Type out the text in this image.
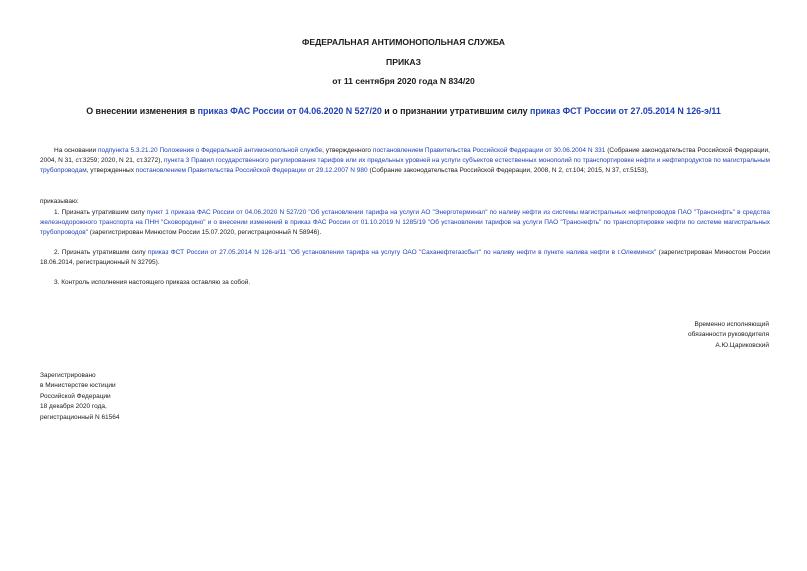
ФЕДЕРАЛЬНАЯ АНТИМОНОПОЛЬНАЯ СЛУЖБА
ПРИКАЗ
от 11 сентября 2020 года N 834/20
О внесении изменения в приказ ФАС России от 04.06.2020 N 527/20 и о признании утратившим силу приказ ФСТ России от 27.05.2014 N 126-э/11
На основании подпункта 5.3.21.20 Положения о Федеральной антимонопольной службе, утвержденного постановлением Правительства Российской Федерации от 30.06.2004 N 331 (Собрание законодательства Российской Федерации, 2004, N 31, ст.3259; 2020, N 21, ст.3272), пункта 3 Правил государственного регулирования тарифов или их предельных уровней на услуги субъектов естественных монополий по транспортировке нефти и нефтепродуктов по магистральным трубопроводам, утвержденных постановлением Правительства Российской Федерации от 29.12.2007 N 980 (Собрание законодательства Российской Федерации, 2008, N 2, ст.104; 2015, N 37, ст.5153),
приказываю:
1. Признать утратившим силу пункт 1 приказа ФАС России от 04.06.2020 N 527/20 "Об установлении тарифа на услуги АО "Энерготерминал" по наливу нефти из системы магистральных нефтепроводов ПАО "Транснефть" в средства железнодорожного транспорта на ПНН "Сковородино" и о внесении изменений в приказ ФАС России от 01.10.2019 N 1285/19 "Об установлении тарифов на услуги ПАО "Транснефть" по транспортировке нефти по системе магистральных трубопроводов" (зарегистрирован Минюстом России 15.07.2020, регистрационный N 58946).
2. Признать утратившим силу приказ ФСТ России от 27.05.2014 N 126-э/11 "Об установлении тарифа на услугу ОАО "Саханефтегазсбыт" по наливу нефти в пункте налива нефти в г.Олекминск" (зарегистрирован Минюстом России 18.06.2014, регистрационный N 32795).
3. Контроль исполнения настоящего приказа оставляю за собой.
Временно исполняющий
обязанности руководителя
А.Ю.Цариковский
Зарегистрировано
в Министерстве юстиции
Российской Федерации
18 декабря 2020 года,
регистрационный N 61564
